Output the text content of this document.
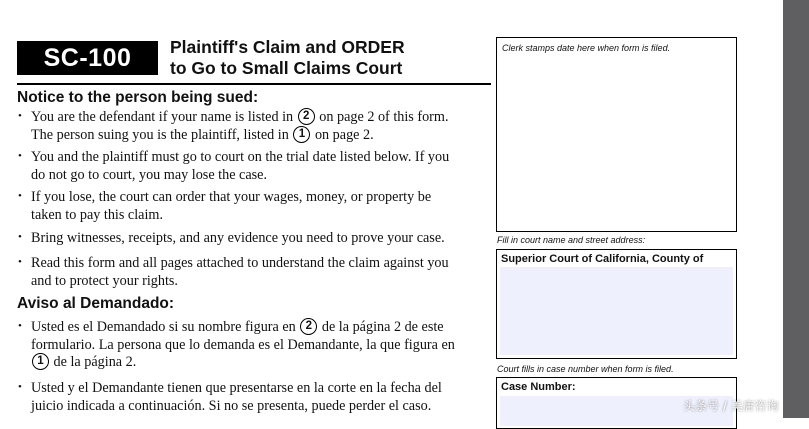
SC-100	Plaintiff's Claim and ORDER
to Go to Small Claims Court
Notice to the person being sued:
• You are the defendant if your name is listed in 2 on page 2 of this form.
The person suing you is the plaintiff, listed in 1 on page 2.
• You and the plaintiff must go to court on the trial date listed below. If you
do not go to court, you may lose the case.
• If you lose, the court can order that your wages, money, or property be
taken to pay this claim.
• Bring witnesses, receipts, and any evidence you need to prove your case.
• Read this form and all pages attached to understand the claim against you
and to protect your rights.
Aviso al Demandado:
• Usted es el Demandado si su nombre figura en 2 de la página 2 de este
formulario. La persona que lo demanda es el Demandante, la que figura en
1 de la página 2.
• Usted y el Demandante tienen que presentarse en la corte en la fecha del
juicio indicada a continuación. Si no se presenta, puede perder el caso.
Clerk stamps date here when form is filed.
Fill in court name and street address:
Superior Court of California, County of
Court fills in case number when form is filed.
Case Number:
头条号 / 美唐咨询
